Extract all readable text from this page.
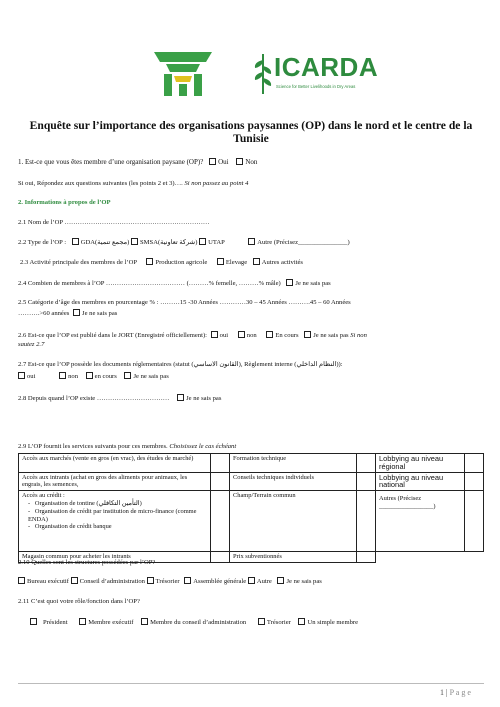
ICARDA
Science for Better Livelihoods in Dry Areas
Enquête sur l’importance des organisations paysannes (OP) dans le nord et le centre de la Tunisie
1. Est-ce que vous êtes membre d’une organisation paysane (OP)? Oui Non
Si oui, Répondez aux questions suivantes (les points 2 et 3)…. Si non passez au point 4
2. Informations à propos de l’OP
2.1 Nom de l’OP …………………………………………………………
2.2 Type de l’OP : GDA(مجمع تنمية) SMSA(شركة تعاونية) UTAP	Autre (Précisez_______________)
2.3 Activité principale des membres de l’OP	Production agricole	Elevage Autres activités
2.4 Combien de membres à l’OP ……………………………… (………% femelle, ………% mâle) Je ne sais pas
2.5 Catégorie d’âge des membres en pourcentage % : ………15 -30 Années …………30 – 45 Années ……….45 – 60 Années
……….>60 années Je ne sais pas
2.6 Est-ce que l’OP est publié dans le JORT (Enregistré officiellement): oui	non	En cours Je ne sais pas Si non
sautez 2.7
2.7 Est-ce que l’OP possède les documents réglementaires (statut (القانون الاساسي), Règlement interne (النظام الداخلي)):
oui	non	en cours	Je ne sais pas
2.8 Depuis quand l’OP existe ……………………………	Je ne sais pas
2.9 L’OP fournit les services suivants pour ces membres. Choisissez le cas échéant
Accès aux marchés (vente en gros (en vrac), des études de marché)		Formation technique		Lobbying au niveau régional	
Accès aux intrants (achat en gros des aliments pour animaux, les engrais, les semences,		Conseils techniques individuels		Lobbying au niveau national	

Accès au crédit :
-   Organisation de tontine (التأمين التكافلي)
-   Organisation de crédit par institution de micro-finance (comme ENDA)
-   Organisation de crédit banque		Champ/Terrain commun		Autres (Précisez _________________)	
Magasin commun pour acheter les intrants		Prix subventionnés			
2.10 Quelles sont les structures possédées par l’OP?
Bureau exécutif Conseil d’administration Trésorier Assemblée générale Autre Je ne sais pas
2.11 C’est quoi votre rôle/fonction dans l’OP?
Président	Membre exécutif	Membre du conseil d’administration	Trésorier	Un simple membre
1 | P a g e
